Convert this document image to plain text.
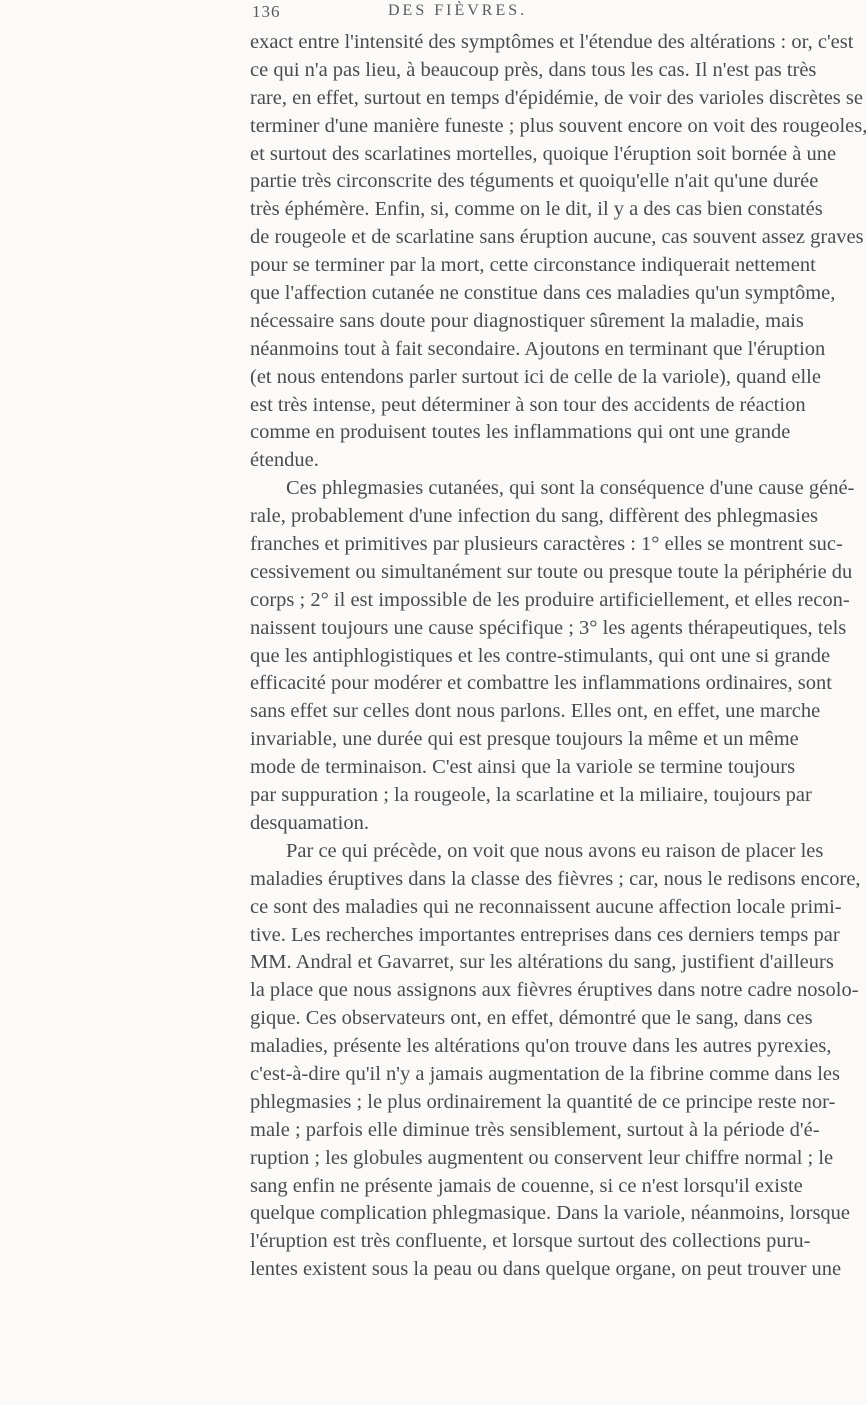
136	DES FIÈVRES.
exact entre l'intensité des symptômes et l'étendue des altérations : or, c'est
ce qui n'a pas lieu, à beaucoup près, dans tous les cas. Il n'est pas très
rare, en effet, surtout en temps d'épidémie, de voir des varioles discrètes se
terminer d'une manière funeste ; plus souvent encore on voit des rougeoles,
et surtout des scarlatines mortelles, quoique l'éruption soit bornée à une
partie très circonscrite des téguments et quoiqu'elle n'ait qu'une durée
très éphémère. Enfin, si, comme on le dit, il y a des cas bien constatés
de rougeole et de scarlatine sans éruption aucune, cas souvent assez graves
pour se terminer par la mort, cette circonstance indiquerait nettement
que l'affection cutanée ne constitue dans ces maladies qu'un symptôme,
nécessaire sans doute pour diagnostiquer sûrement la maladie, mais
néanmoins tout à fait secondaire. Ajoutons en terminant que l'éruption
(et nous entendons parler surtout ici de celle de la variole), quand elle
est très intense, peut déterminer à son tour des accidents de réaction
comme en produisent toutes les inflammations qui ont une grande
étendue.
Ces phlegmasies cutanées, qui sont la conséquence d'une cause géné-
rale, probablement d'une infection du sang, diffèrent des phlegmasies
franches et primitives par plusieurs caractères : 1° elles se montrent suc-
cessivement ou simultanément sur toute ou presque toute la périphérie du
corps ; 2° il est impossible de les produire artificiellement, et elles recon-
naissent toujours une cause spécifique ; 3° les agents thérapeutiques, tels
que les antiphlogistiques et les contre-stimulants, qui ont une si grande
efficacité pour modérer et combattre les inflammations ordinaires, sont
sans effet sur celles dont nous parlons. Elles ont, en effet, une marche
invariable, une durée qui est presque toujours la même et un même
mode de terminaison. C'est ainsi que la variole se termine toujours
par suppuration ; la rougeole, la scarlatine et la miliaire, toujours par
desquamation.
Par ce qui précède, on voit que nous avons eu raison de placer les
maladies éruptives dans la classe des fièvres ; car, nous le redisons encore,
ce sont des maladies qui ne reconnaissent aucune affection locale primi-
tive. Les recherches importantes entreprises dans ces derniers temps par
MM. Andral et Gavarret, sur les altérations du sang, justifient d'ailleurs
la place que nous assignons aux fièvres éruptives dans notre cadre nosolo-
gique. Ces observateurs ont, en effet, démontré que le sang, dans ces
maladies, présente les altérations qu'on trouve dans les autres pyrexies,
c'est-à-dire qu'il n'y a jamais augmentation de la fibrine comme dans les
phlegmasies ; le plus ordinairement la quantité de ce principe reste nor-
male ; parfois elle diminue très sensiblement, surtout à la période d'é-
ruption ; les globules augmentent ou conservent leur chiffre normal ; le
sang enfin ne présente jamais de couenne, si ce n'est lorsqu'il existe
quelque complication phlegmasique. Dans la variole, néanmoins, lorsque
l'éruption est très confluente, et lorsque surtout des collections puru-
lentes existent sous la peau ou dans quelque organe, on peut trouver une
